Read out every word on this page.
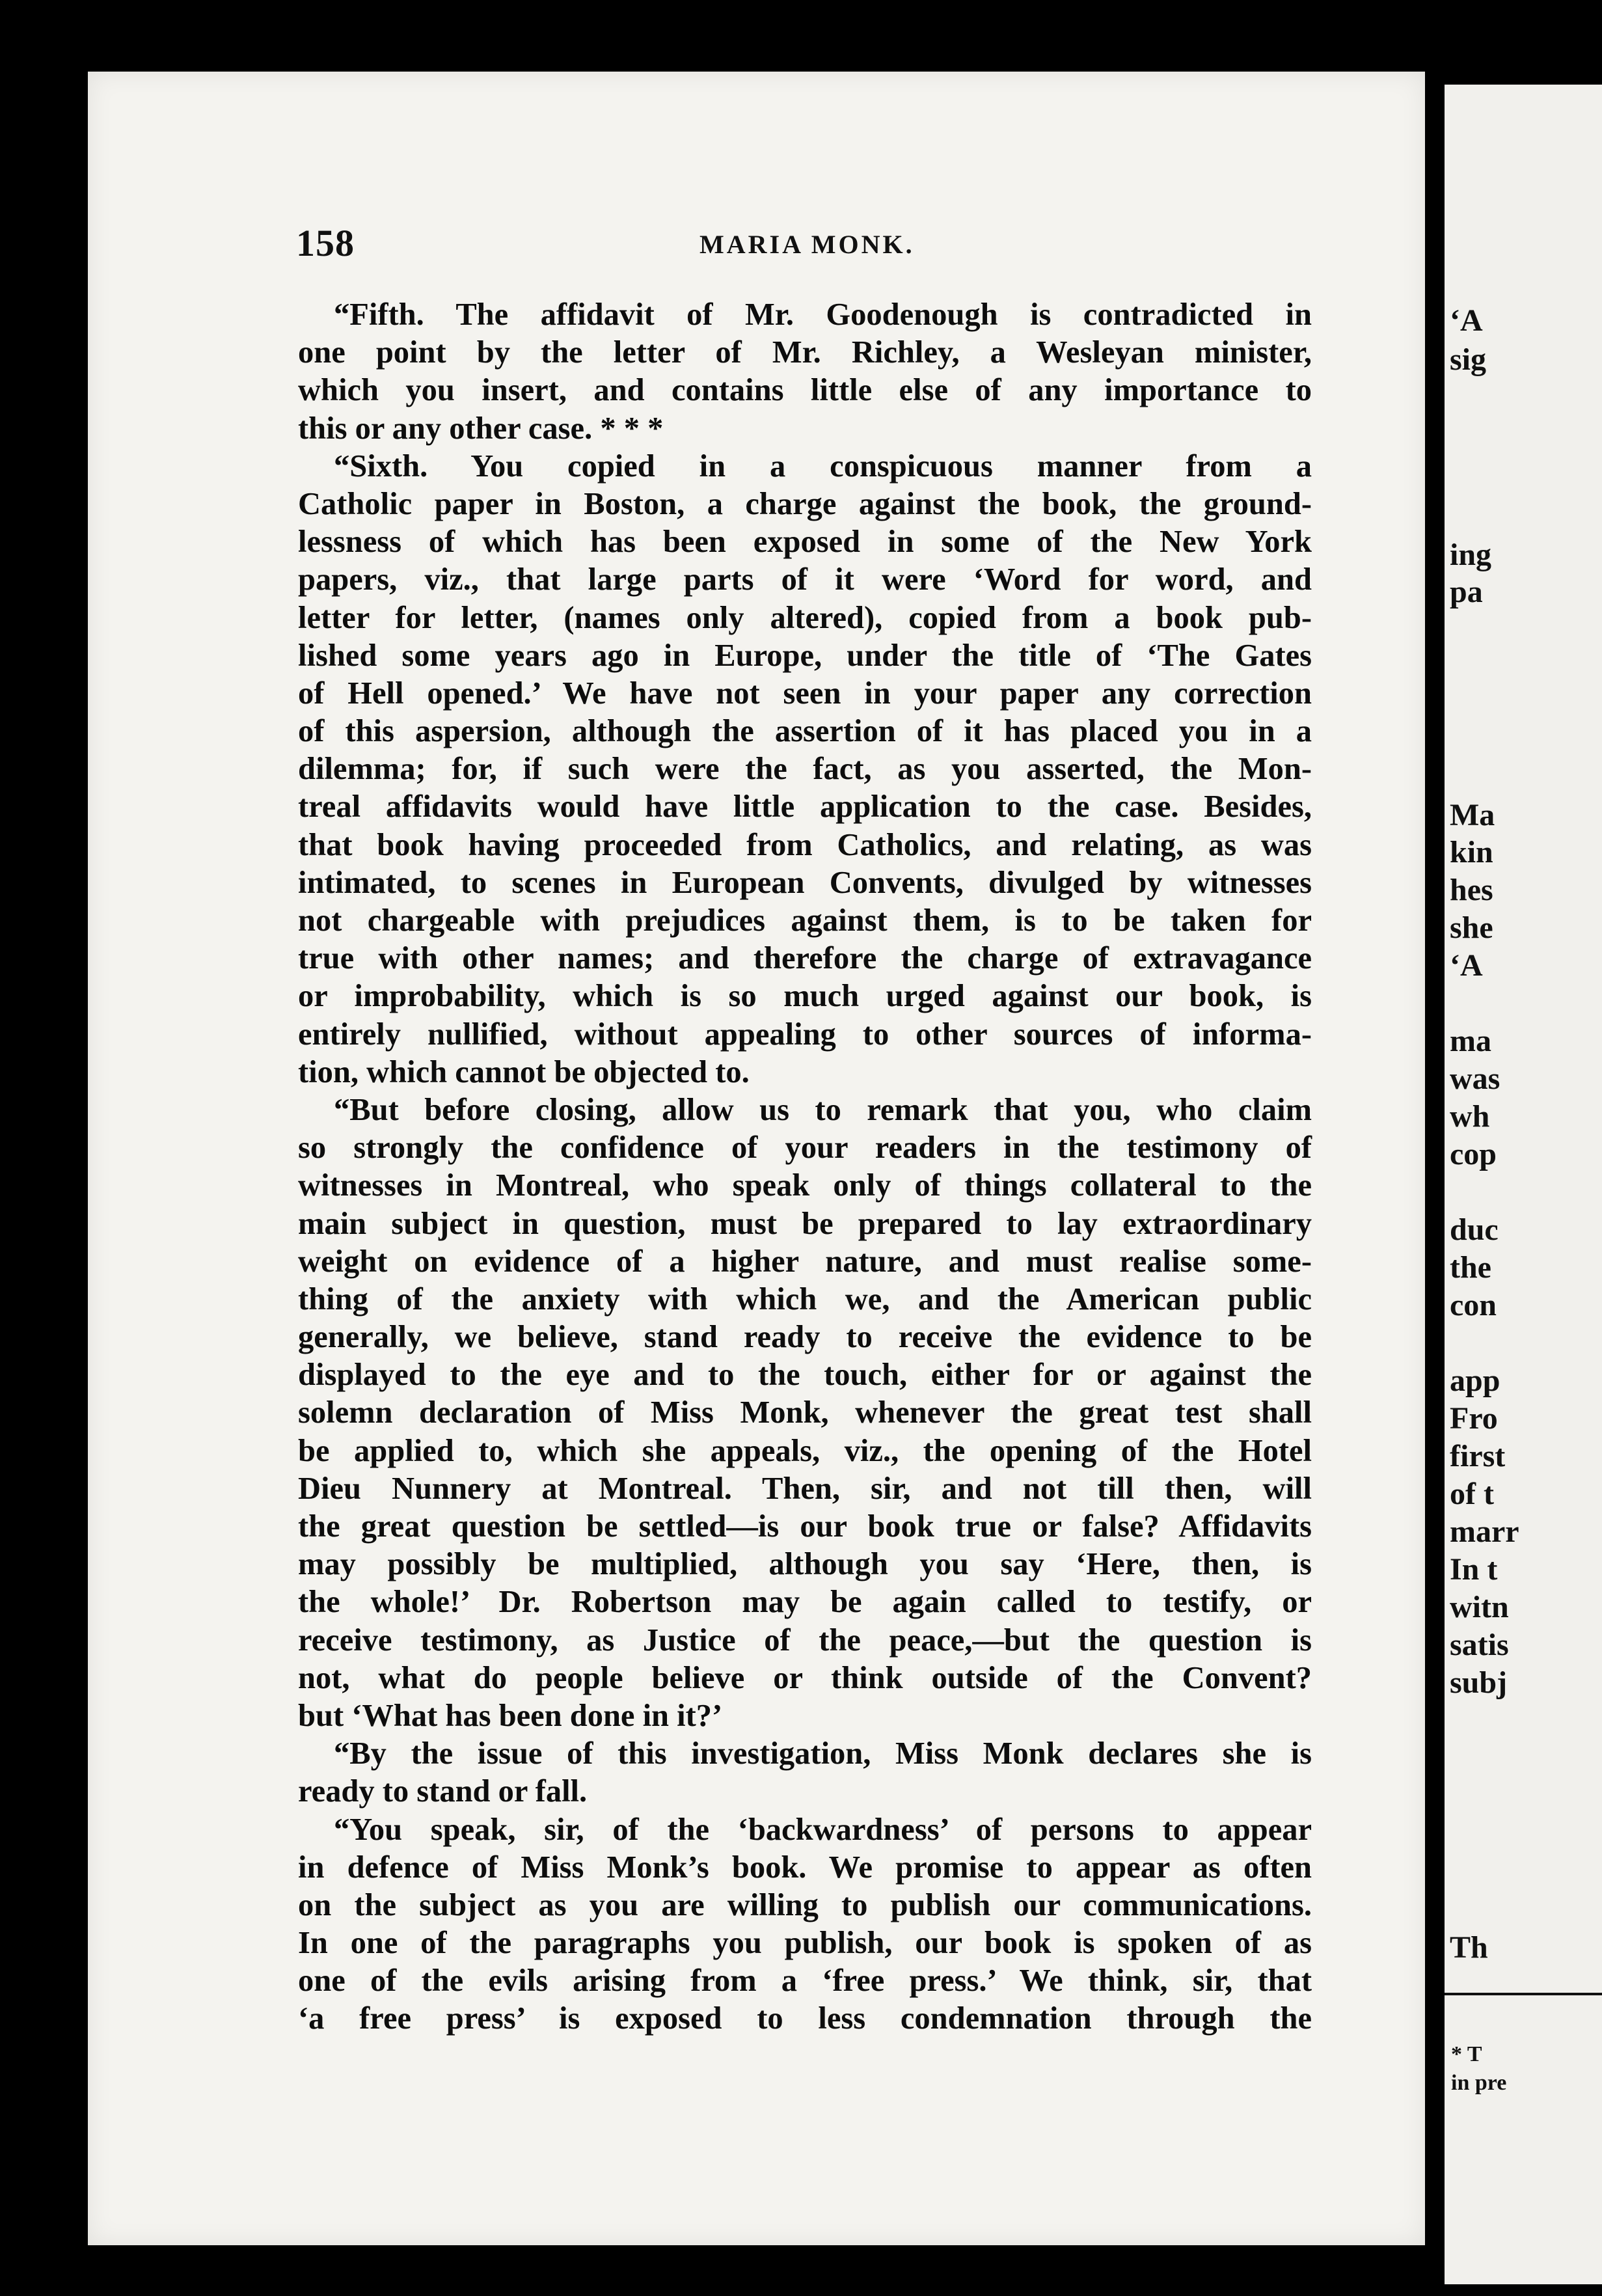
158	MARIA MONK.
“Fifth. The affidavit of Mr. Goodenough is contradicted in
one point by the letter of Mr. Richley, a Wesleyan minister,
which you insert, and contains little else of any importance to
this or any other case. * * *
“Sixth. You copied in a conspicuous manner from a
Catholic paper in Boston, a charge against the book, the ground-
lessness of which has been exposed in some of the New York
papers, viz., that large parts of it were ‘Word for word, and
letter for letter, (names only altered), copied from a book pub-
lished some years ago in Europe, under the title of ‘The Gates
of Hell opened.’ We have not seen in your paper any correction
of this aspersion, although the assertion of it has placed you in a
dilemma; for, if such were the fact, as you asserted, the Mon-
treal affidavits would have little application to the case. Besides,
that book having proceeded from Catholics, and relating, as was
intimated, to scenes in European Convents, divulged by witnesses
not chargeable with prejudices against them, is to be taken for
true with other names; and therefore the charge of extravagance
or improbability, which is so much urged against our book, is
entirely nullified, without appealing to other sources of informa-
tion, which cannot be objected to.
“But before closing, allow us to remark that you, who claim
so strongly the confidence of your readers in the testimony of
witnesses in Montreal, who speak only of things collateral to the
main subject in question, must be prepared to lay extraordinary
weight on evidence of a higher nature, and must realise some-
thing of the anxiety with which we, and the American public
generally, we believe, stand ready to receive the evidence to be
displayed to the eye and to the touch, either for or against the
solemn declaration of Miss Monk, whenever the great test shall
be applied to, which she appeals, viz., the opening of the Hotel
Dieu Nunnery at Montreal. Then, sir, and not till then, will
the great question be settled—is our book true or false? Affidavits
may possibly be multiplied, although you say ‘Here, then, is
the whole!’ Dr. Robertson may be again called to testify, or
receive testimony, as Justice of the peace,—but the question is
not, what do people believe or think outside of the Convent?
but ‘What has been done in it?’
“By the issue of this investigation, Miss Monk declares she is
ready to stand or fall.
“You speak, sir, of the ‘backwardness’ of persons to appear
in defence of Miss Monk’s book. We promise to appear as often
on the subject as you are willing to publish our communications.
In one of the paragraphs you publish, our book is spoken of as
one of the evils arising from a ‘free press.’ We think, sir, that
‘a free press’ is exposed to less condemnation through the
‘A
sig
ing
pa
Ma
kin
hes
she
‘A
ma
was
wh
cop
duc
the
con
app
Fro
first
of t
marr
In t
witn
satis
subj
Th
* T
in pre
